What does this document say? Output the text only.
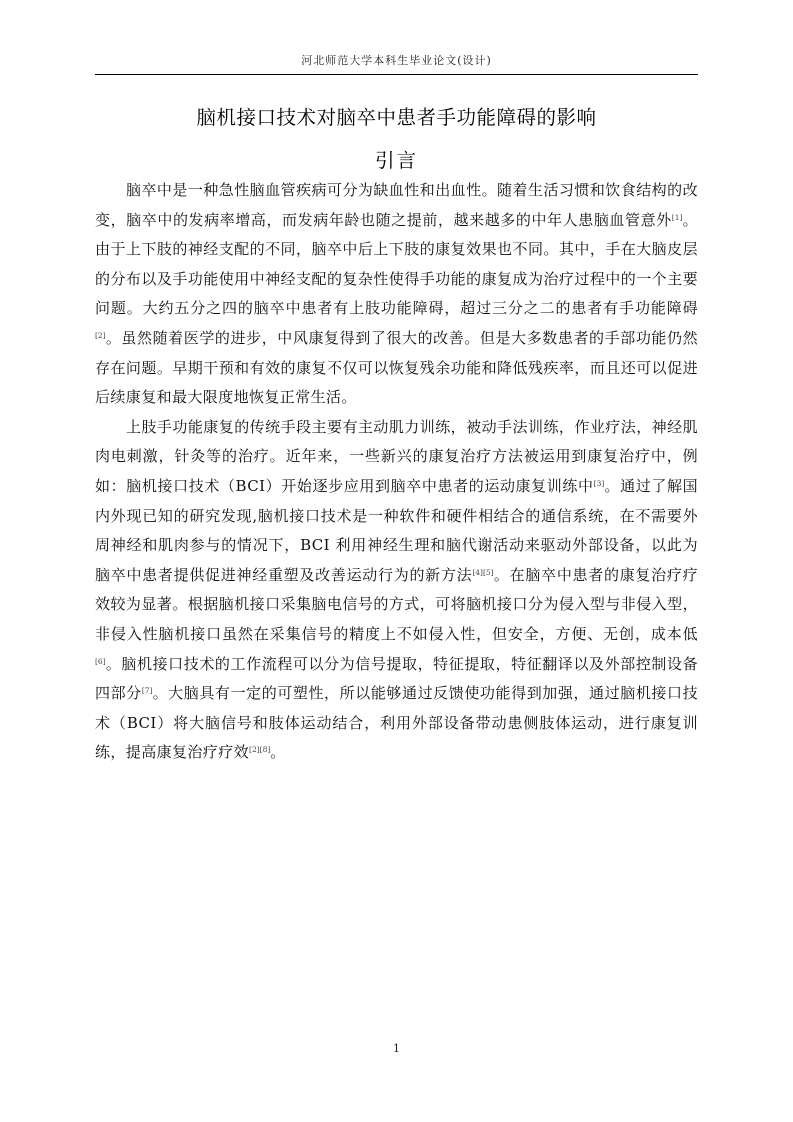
河北师范大学本科生毕业论文(设计)
脑机接口技术对脑卒中患者手功能障碍的影响
引言

脑卒中是一种急性脑血管疾病可分为缺血性和出血性。随着生活习惯和饮食结构的改变，脑卒中的发病率增高，而发病年龄也随之提前，越来越多的中年人患脑血管意外[1]。由于上下肢的神经支配的不同，脑卒中后上下肢的康复效果也不同。其中，手在大脑皮层的分布以及手功能使用中神经支配的复杂性使得手功能的康复成为治疗过程中的一个主要问题。大约五分之四的脑卒中患者有上肢功能障碍，超过三分之二的患者有手功能障碍[2]。虽然随着医学的进步，中风康复得到了很大的改善。但是大多数患者的手部功能仍然存在问题。早期干预和有效的康复不仅可以恢复残余功能和降低残疾率，而且还可以促进后续康复和最大限度地恢复正常生活。

上肢手功能康复的传统手段主要有主动肌力训练，被动手法训练，作业疗法，神经肌肉电刺激，针灸等的治疗。近年来，一些新兴的康复治疗方法被运用到康复治疗中，例如：脑机接口技术（BCI）开始逐步应用到脑卒中患者的运动康复训练中[3]。通过了解国内外现已知的研究发现,脑机接口技术是一种软件和硬件相结合的通信系统，在不需要外周神经和肌肉参与的情况下，BCI 利用神经生理和脑代谢活动来驱动外部设备，以此为脑卒中患者提供促进神经重塑及改善运动行为的新方法[4][5]。在脑卒中患者的康复治疗疗效较为显著。根据脑机接口采集脑电信号的方式，可将脑机接口分为侵入型与非侵入型，非侵入性脑机接口虽然在采集信号的精度上不如侵入性，但安全，方便、无创，成本低[6]。脑机接口技术的工作流程可以分为信号提取，特征提取，特征翻译以及外部控制设备四部分[7]。大脑具有一定的可塑性，所以能够通过反馈使功能得到加强，通过脑机接口技术（BCI）将大脑信号和肢体运动结合，利用外部设备带动患侧肢体运动，进行康复训练，提高康复治疗疗效[2][8]。

1
